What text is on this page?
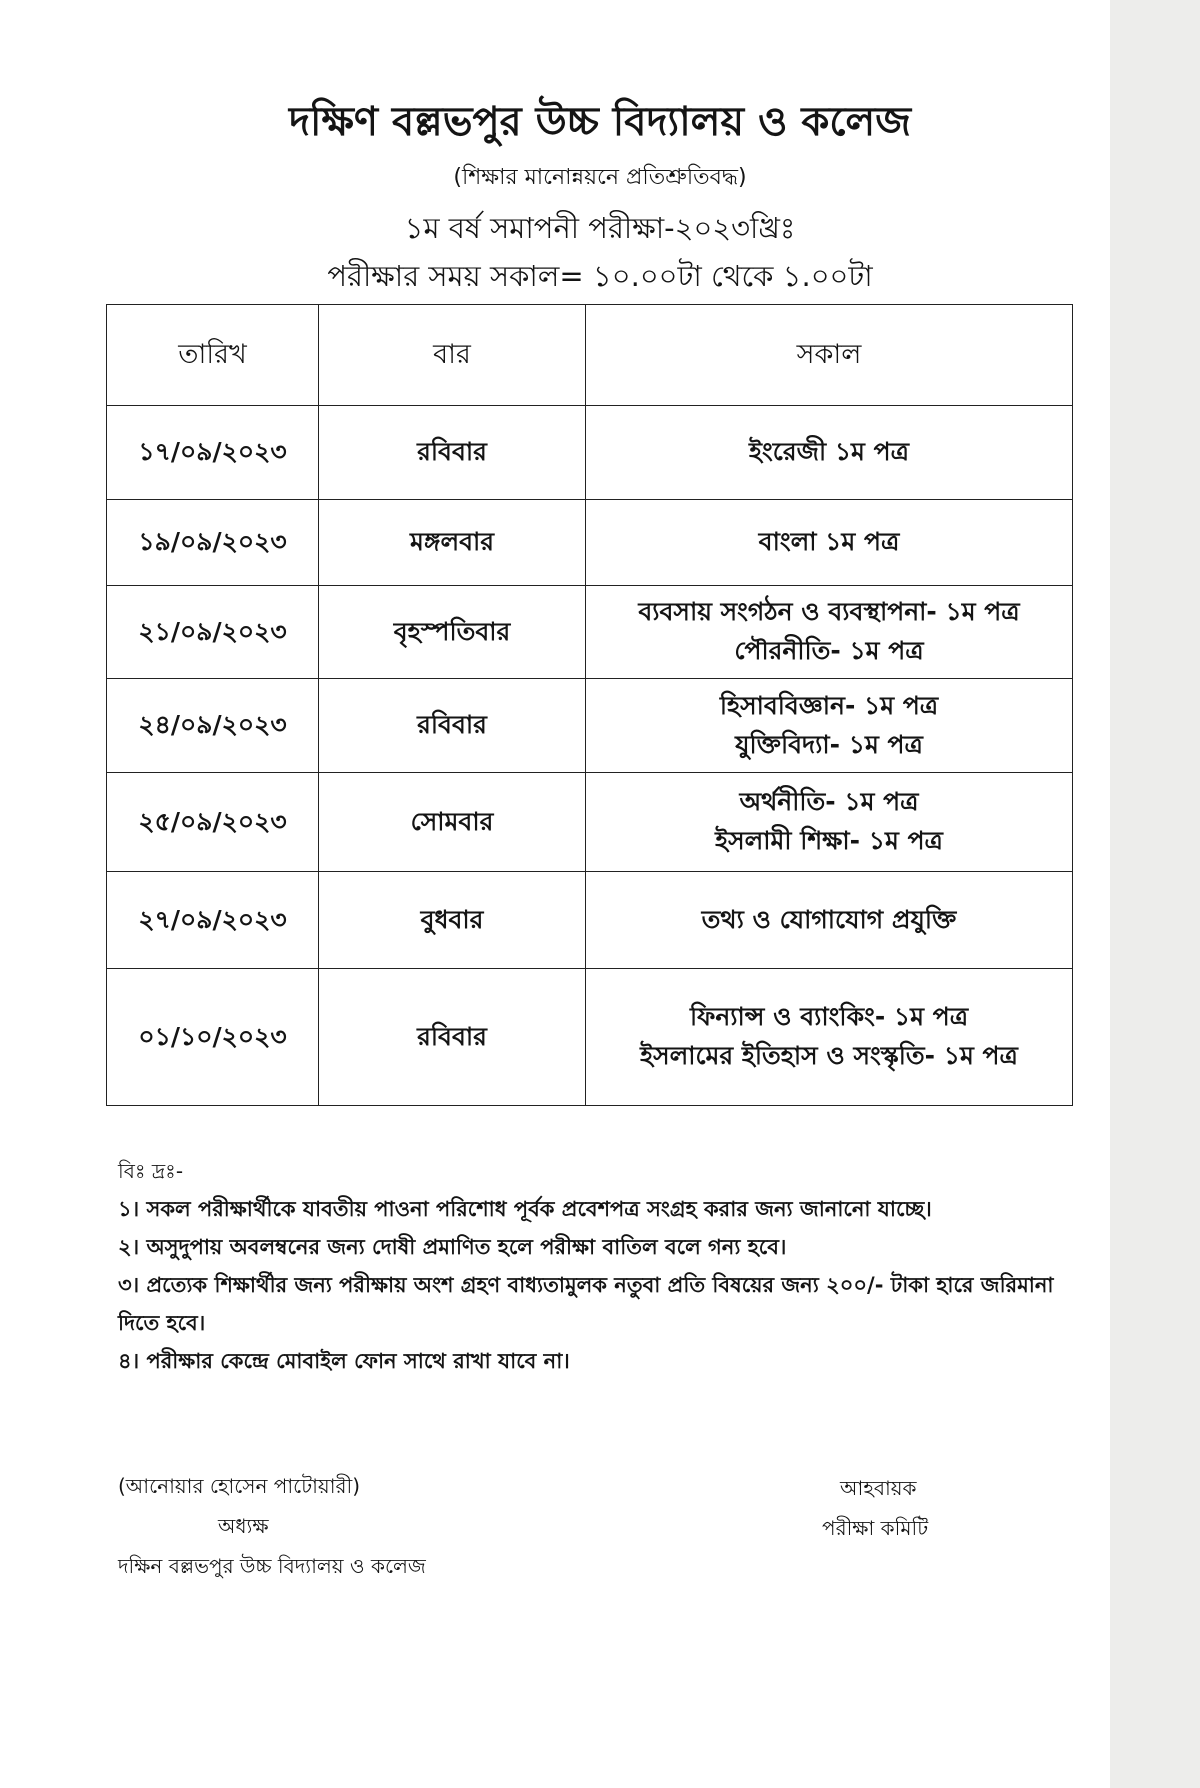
দক্ষিণ বল্লভপুর উচ্চ বিদ্যালয় ও কলেজ
(শিক্ষার মানোন্নয়নে প্রতিশ্রুতিবদ্ধ)
১ম বর্ষ সমাপনী পরীক্ষা-২০২৩খ্রিঃ
পরীক্ষার সময় সকাল= ১০.০০টা থেকে ১.০০টা
তারিখ	বার	সকাল
১৭/০৯/২০২৩	রবিবার	ইংরেজী ১ম পত্র

১৯/০৯/২০২৩	মঙ্গলবার	বাংলা ১ম পত্র

২১/০৯/২০২৩	বৃহস্পতিবার	ব্যবসায় সংগঠন ও ব্যবস্থাপনা- ১ম পত্র
পৌরনীতি- ১ম পত্র

২৪/০৯/২০২৩	রবিবার	হিসাববিজ্ঞান- ১ম পত্র
যুক্তিবিদ্যা- ১ম পত্র

২৫/০৯/২০২৩	সোমবার	অর্থনীতি- ১ম পত্র
ইসলামী শিক্ষা- ১ম পত্র

২৭/০৯/২০২৩	বুধবার	তথ্য ও যোগাযোগ প্রযুক্তি

০১/১০/২০২৩	রবিবার	ফিন্যান্স ও ব্যাংকিং- ১ম পত্র
ইসলামের ইতিহাস ও সংস্কৃতি- ১ম পত্র
বিঃ দ্রঃ-
১। সকল পরীক্ষার্থীকে যাবতীয় পাওনা পরিশোধ পূর্বক প্রবেশপত্র সংগ্রহ করার জন্য জানানো যাচ্ছে।
২। অসুদুপায় অবলম্বনের জন্য দোষী প্রমাণিত হলে পরীক্ষা বাতিল বলে গন্য হবে।
৩। প্রত্যেক শিক্ষার্থীর জন্য পরীক্ষায় অংশ গ্রহণ বাধ্যতামুলক নতুবা প্রতি বিষয়ের জন্য ২০০/- টাকা হারে জরিমানা দিতে হবে।
৪। পরীক্ষার কেন্দ্রে মোবাইল ফোন সাথে রাখা যাবে না।
(আনোয়ার হোসেন পাটোয়ারী)
অধ্যক্ষ
দক্ষিন বল্লভপুর উচ্চ বিদ্যালয় ও কলেজ
আহবায়ক
পরীক্ষা কমিটি
